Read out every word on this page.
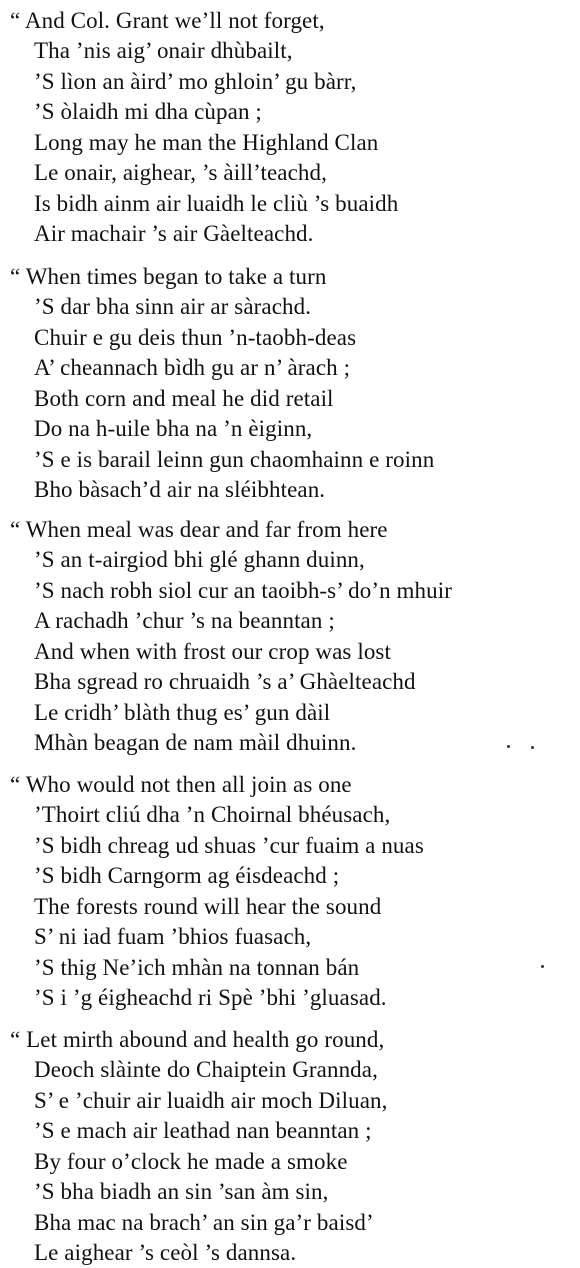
“ And Col. Grant we’ll not forget,
Tha ’nis aig’ onair dhùbailt,
’S lìon an àird’ mo ghloin’ gu bàrr,
’S òlaidh mi dha cùpan ;
Long may he man the Highland Clan
Le onair, aighear, ’s àill’teachd,
Is bidh ainm air luaidh le cliù ’s buaidh
Air machair ’s air Gàelteachd.
“ When times began to take a turn
’S dar bha sinn air ar sàrachd.
Chuir e gu deis thun ’n-taobh-deas
A’ cheannach bìdh gu ar n’ àrach ;
Both corn and meal he did retail
Do na h-uile bha na ’n èiginn,
’S e is barail leinn gun chaomhainn e roinn
Bho bàsach’d air na sléibhtean.
“ When meal was dear and far from here
’S an t-airgiod bhi glé ghann duinn,
’S nach robh siol cur an taoibh-s’ do’n mhuir
A rachadh ’chur ’s na beanntan ;
And when with frost our crop was lost
Bha sgread ro chruaidh ’s a’ Ghàelteachd
Le cridh’ blàth thug es’ gun dàil
Mhàn beagan de nam màil dhuinn.
“ Who would not then all join as one
’Thoirt cliú dha ’n Choirnal bhéusach,
’S bidh chreag ud shuas ’cur fuaim a nuas
’S bidh Carngorm ag éisdeachd ;
The forests round will hear the sound
S’ ni iad fuam ’bhios fuasach,
’S thig Ne’ich mhàn na tonnan bán
’S i ’g éigheachd ri Spè ’bhi ’gluasad.
“ Let mirth abound and health go round,
Deoch slàinte do Chaiptein Grannda,
S’ e ’chuir air luaidh air moch Diluan,
’S e mach air leathad nan beanntan ;
By four o’clock he made a smoke
’S bha biadh an sin ’san àm sin,
Bha mac na brach’ an sin ga’r baisd’
Le aighear ’s ceòl ’s dannsa.
